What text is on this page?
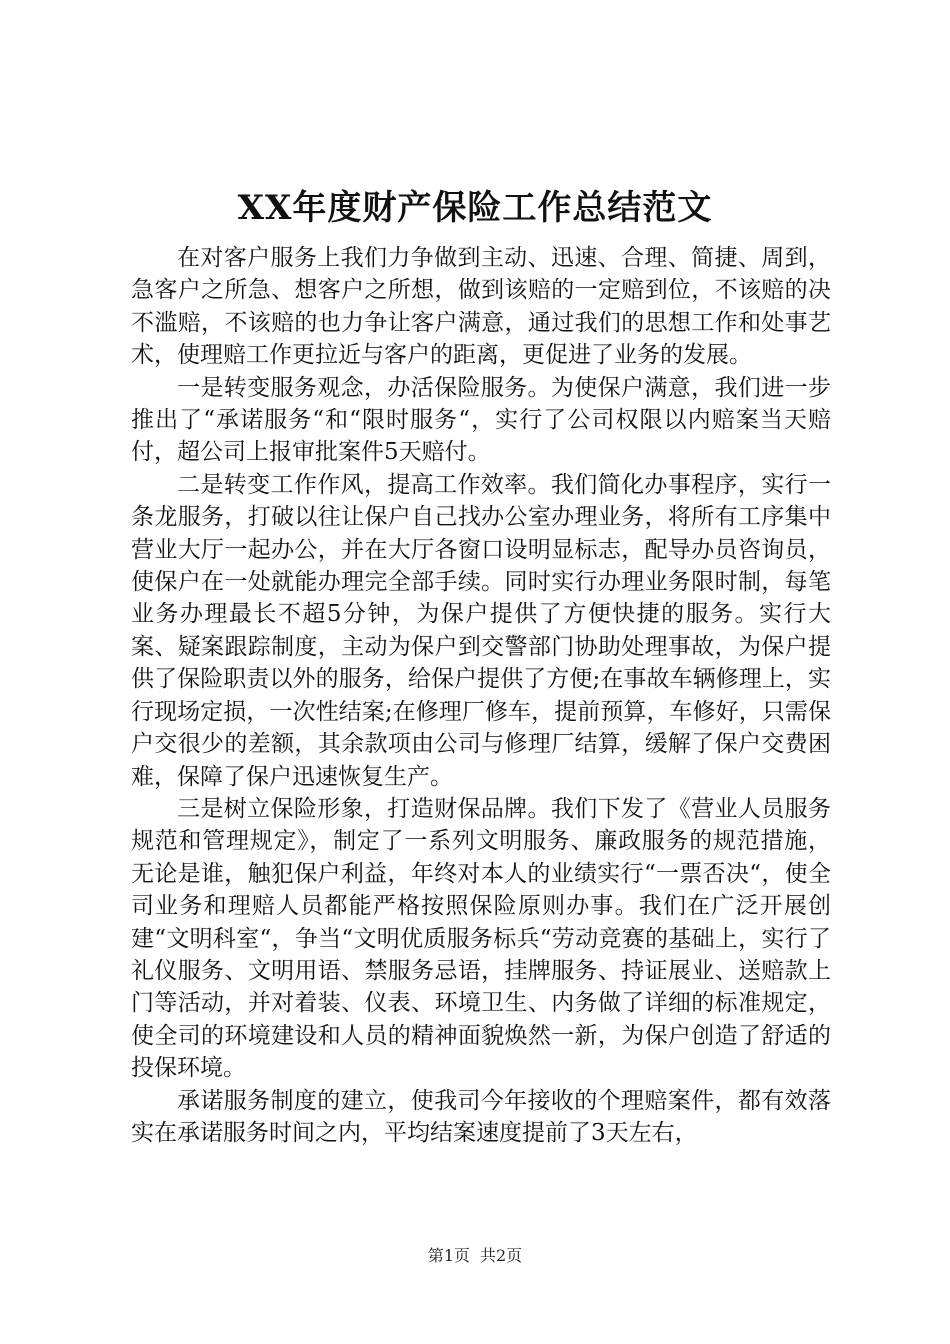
XX年度财产保险工作总结范文

在对客户服务上我们力争做到主动、迅速、合理、简捷、周到，急客户之所急、想客户之所想，做到该赔的一定赔到位，不该赔的决不滥赔，不该赔的也力争让客户满意，通过我们的思想工作和处事艺术，使理赔工作更拉近与客户的距离，更促进了业务的发展。

一是转变服务观念，办活保险服务。为使保户满意，我们进一步推出了“承诺服务“和“限时服务“，实行了公司权限以内赔案当天赔付，超公司上报审批案件5天赔付。

二是转变工作作风，提高工作效率。我们简化办事程序，实行一条龙服务，打破以往让保户自己找办公室办理业务，将所有工序集中营业大厅一起办公，并在大厅各窗口设明显标志，配导办员咨询员，使保户在一处就能办理完全部手续。同时实行办理业务限时制，每笔业务办理最长不超5分钟，为保户提供了方便快捷的服务。实行大案、疑案跟踪制度，主动为保户到交警部门协助处理事故，为保户提供了保险职责以外的服务，给保户提供了方便;在事故车辆修理上，实行现场定损，一次性结案;在修理厂修车，提前预算，车修好，只需保户交很少的差额，其余款项由公司与修理厂结算，缓解了保户交费困难，保障了保户迅速恢复生产。

三是树立保险形象，打造财保品牌。我们下发了《营业人员服务规范和管理规定》，制定了一系列文明服务、廉政服务的规范措施，无论是谁，触犯保户利益，年终对本人的业绩实行“一票否决“，使全司业务和理赔人员都能严格按照保险原则办事。我们在广泛开展创建“文明科室“，争当“文明优质服务标兵“劳动竞赛的基础上，实行了礼仪服务、文明用语、禁服务忌语，挂牌服务、持证展业、送赔款上门等活动，并对着装、仪表、环境卫生、内务做了详细的标准规定，使全司的环境建设和人员的精神面貌焕然一新，为保户创造了舒适的投保环境。

承诺服务制度的建立，使我司今年接收的个理赔案件，都有效落实在承诺服务时间之内，平均结案速度提前了3天左右，

第1页 共2页
